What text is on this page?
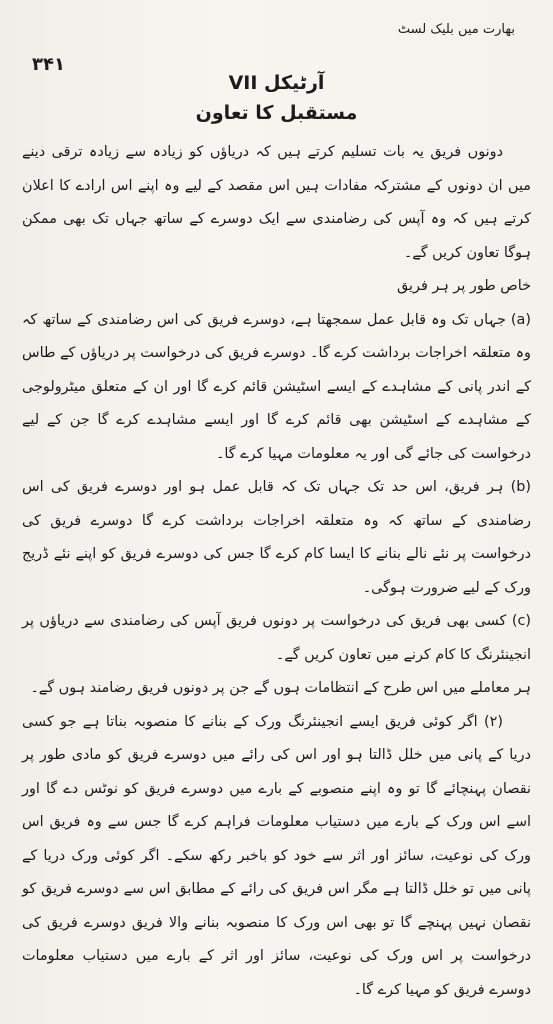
بھارت میں بلیک لسٹ
۳۴۱
آرٹیکل VII
مستقبل کا تعاون

دونوں فریق یہ بات تسلیم کرتے ہیں کہ دریاؤں کو زیادہ سے زیادہ ترقی دینے میں ان دونوں کے مشترکہ مفادات ہیں اس مقصد کے لیے وہ اپنے اس ارادے کا اعلان کرتے ہیں کہ وہ آپس کی رضامندی سے ایک دوسرے کے ساتھ جہاں تک بھی ممکن ہوگا تعاون کریں گے۔

خاص طور پر ہر فریق

(a) جہاں تک وہ قابل عمل سمجھتا ہے، دوسرے فریق کی اس رضامندی کے ساتھ کہ وہ متعلقہ اخراجات برداشت کرے گا۔ دوسرے فریق کی درخواست پر دریاؤں کے طاس کے اندر پانی کے مشاہدے کے ایسے اسٹیشن قائم کرے گا اور ان کے متعلق میٹرولوجی کے مشاہدے کے اسٹیشن بھی قائم کرے گا اور ایسے مشاہدے کرے گا جن کے لیے درخواست کی جائے گی اور یہ معلومات مہیا کرے گا۔

(b) ہر فریق، اس حد تک جہاں تک کہ قابل عمل ہو اور دوسرے فریق کی اس رضامندی کے ساتھ کہ وہ متعلقہ اخراجات برداشت کرے گا دوسرے فریق کی درخواست پر نئے نالے بنانے کا ایسا کام کرے گا جس کی دوسرے فریق کو اپنے نئے ڈریج ورک کے لیے ضرورت ہوگی۔

(c) کسی بھی فریق کی درخواست پر دونوں فریق آپس کی رضامندی سے دریاؤں پر انجینئرنگ کا کام کرنے میں تعاون کریں گے۔

ہر معاملے میں اس طرح کے انتظامات ہوں گے جن پر دونوں فریق رضامند ہوں گے۔

(۲) اگر کوئی فریق ایسے انجینئرنگ ورک کے بنانے کا منصوبہ بناتا ہے جو کسی دریا کے پانی میں خلل ڈالتا ہو اور اس کی رائے میں دوسرے فریق کو مادی طور پر نقصان پہنچائے گا تو وہ اپنے منصوبے کے بارے میں دوسرے فریق کو نوٹس دے گا اور اسے اس ورک کے بارے میں دستیاب معلومات فراہم کرے گا جس سے وہ فریق اس ورک کی نوعیت، سائز اور اثر سے خود کو باخبر رکھ سکے۔ اگر کوئی ورک دریا کے پانی میں تو خلل ڈالتا ہے مگر اس فریق کی رائے کے مطابق اس سے دوسرے فریق کو نقصان نہیں پہنچے گا تو بھی اس ورک کا منصوبہ بنانے والا فریق دوسرے فریق کی درخواست پر اس ورک کی نوعیت، سائز اور اثر کے بارے میں دستیاب معلومات دوسرے فریق کو مہیا کرے گا۔
